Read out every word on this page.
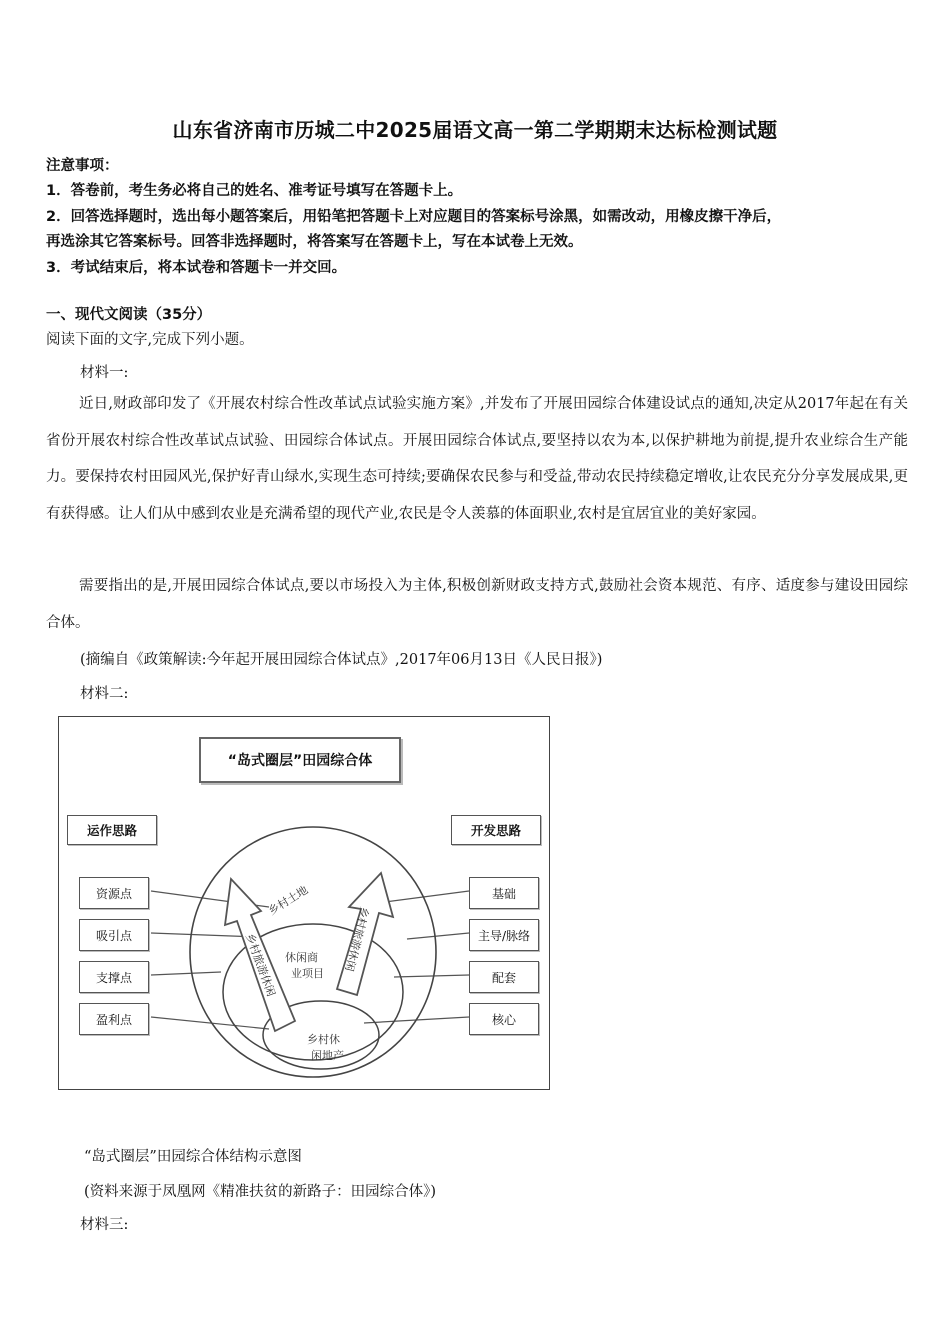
山东省济南市历城二中2025届语文高一第二学期期末达标检测试题
注意事项：
1．答卷前，考生务必将自己的姓名、准考证号填写在答题卡上。
2．回答选择题时，选出每小题答案后，用铅笔把答题卡上对应题目的答案标号涂黑，如需改动，用橡皮擦干净后，
再选涂其它答案标号。回答非选择题时，将答案写在答题卡上，写在本试卷上无效。
3．考试结束后，将本试卷和答题卡一并交回。
一、现代文阅读（35分）
阅读下面的文字,完成下列小题。
材料一:
近日,财政部印发了《开展农村综合性改革试点试验实施方案》,并发布了开展田园综合体建设试点的通知,决定从2017年起在有关省份开展农村综合性改革试点试验、田园综合体试点。开展田园综合体试点,要坚持以农为本,以保护耕地为前提,提升农业综合生产能力。要保持农村田园风光,保护好青山绿水,实现生态可持续;要确保农民参与和受益,带动农民持续稳定增收,让农民充分分享发展成果,更有获得感。让人们从中感到农业是充满希望的现代产业,农民是令人羡慕的体面职业,农村是宜居宜业的美好家园。
需要指出的是,开展田园综合体试点,要以市场投入为主体,积极创新财政支持方式,鼓励社会资本规范、有序、适度参与建设田园综合体。
(摘编自《政策解读:今年起开展田园综合体试点》,2017年06月13日《人民日报》)
材料二:
“岛式圈层”田园综合体
运作思路	开发思路
资源点
吸引点
支撑点
盈利点
基础
主导/脉络
配套
核心
乡村土地
休闲商
业项目
乡村休
闲地产
乡村旅游休闲	乡村旅游休闲
“岛式圈层”田园综合体结构示意图
(资料来源于凤凰网《精准扶贫的新路子：田园综合体》)
材料三:
